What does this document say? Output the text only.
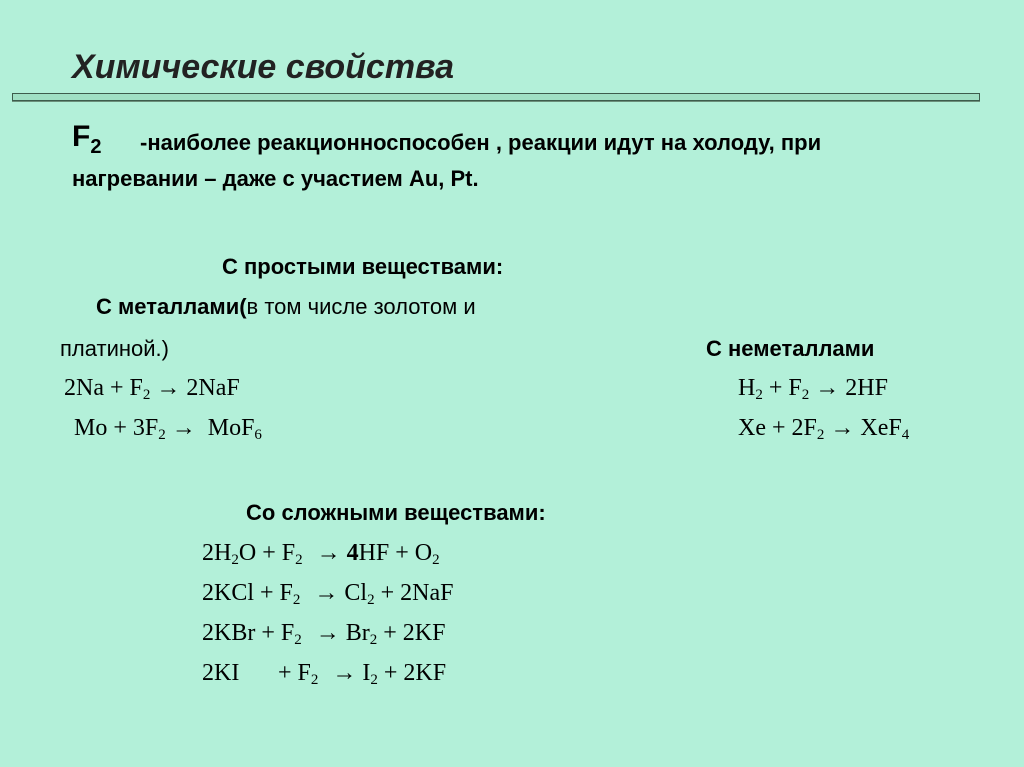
Химические свойства
$F_2$ -наиболее реакционноспособен , реакции идут на холоду, при
нагревании – даже с участием Au, Pt.
С простыми веществами:
С металлами(в том числе золотом и
платиной.)	С неметаллами
$2Na + F_2 \to 2NaF$
$Mo + 3F_2 \to MoF_6$
$H_2 + F_2 \to 2HF$
$Xe + 2F_2 \to XeF_4$
Со сложными веществами:
$2H_2O + F_2 \to 4HF + O_2$
$2KCl + F_2 \to Cl_2 + 2NaF$
$2KBr + F_2 \to Br_2 + 2KF$
$2KI+ F_2 \to I_2 + 2KF$
